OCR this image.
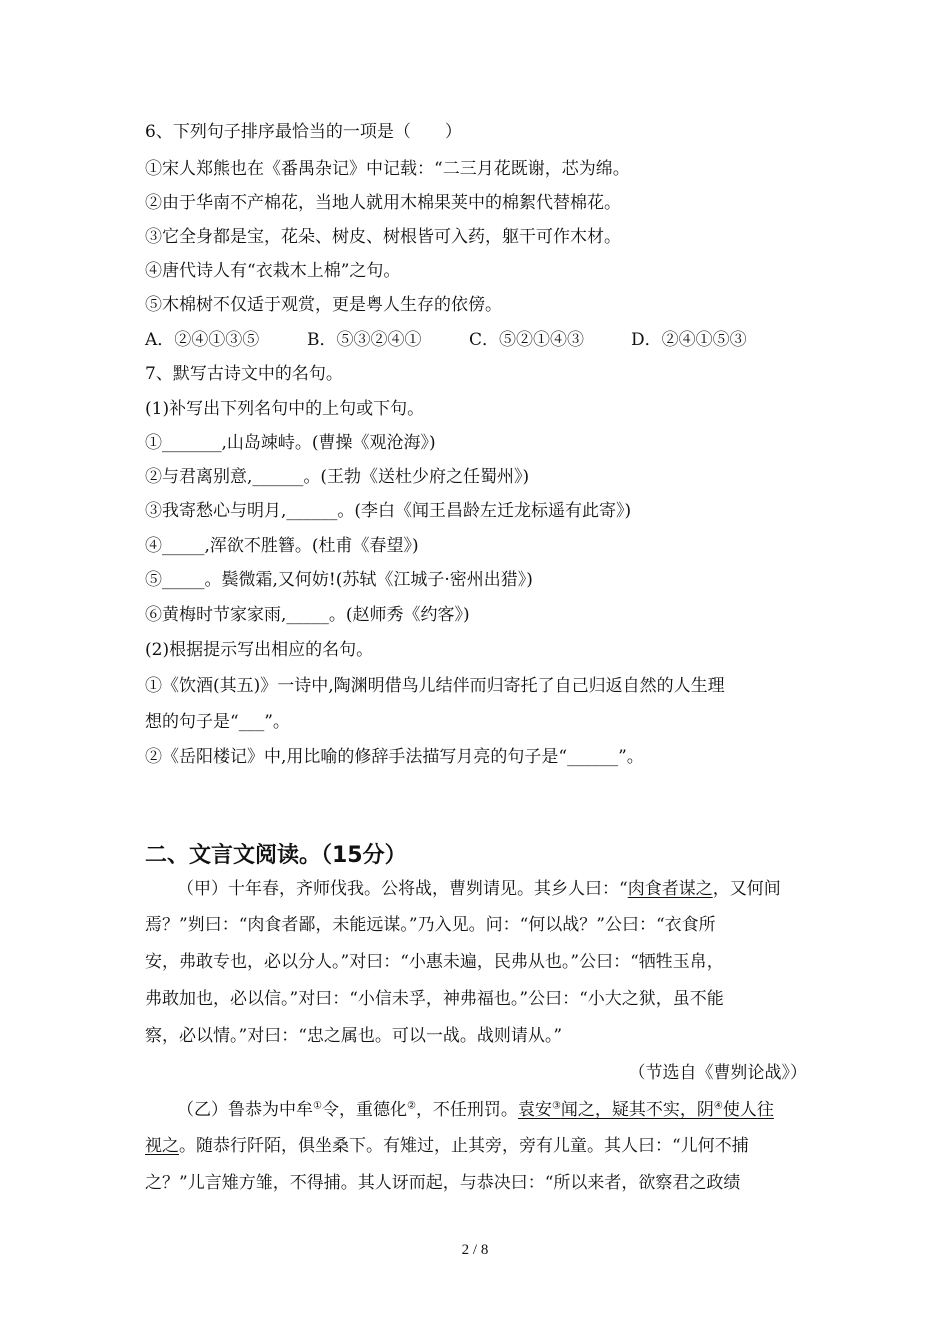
6、下列句子排序最恰当的一项是（　　）
①宋人郑熊也在《番禺杂记》中记载：“二三月花既谢，芯为绵。
②由于华南不产棉花，当地人就用木棉果荚中的棉絮代替棉花。
③它全身都是宝，花朵、树皮、树根皆可入药，躯干可作木材。
④唐代诗人有“衣栽木上棉”之句。
⑤木棉树不仅适于观赏，更是粤人生存的依傍。
A．②④①③⑤	B．⑤③②④①	C．⑤②①④③	D．②④①⑤③
7、默写古诗文中的名句。
(1)补写出下列名句中的上句或下句。
①_______,山岛竦峙。(曹操《观沧海》)
②与君离别意,______。(王勃《送杜少府之任蜀州》)
③我寄愁心与明月,______。(李白《闻王昌龄左迁龙标遥有此寄》)
④_____,浑欲不胜簪。(杜甫《春望》)
⑤_____。鬓微霜,又何妨!(苏轼《江城子·密州出猎》)
⑥黄梅时节家家雨,_____。(赵师秀《约客》)
(2)根据提示写出相应的名句。
①《饮酒(其五)》一诗中,陶渊明借鸟儿结伴而归寄托了自己归返自然的人生理
想的句子是“___”。
②《岳阳楼记》中,用比喻的修辞手法描写月亮的句子是“______”。
二、文言文阅读。（15分）
（甲）十年春，齐师伐我。公将战，曹刿请见。其乡人曰：“肉食者谋之，又何间
焉？”刿曰：“肉食者鄙，未能远谋。”乃入见。问：“何以战？”公曰：“衣食所
安，弗敢专也，必以分人。”对曰：“小惠未遍，民弗从也。”公曰：“牺牲玉帛，
弗敢加也，必以信。”对曰：“小信未孚，神弗福也。”公曰：“小大之狱，虽不能
察，必以情。”对曰：“忠之属也。可以一战。战则请从。”
（节选自《曹刿论战》）
（乙）鲁恭为中牟①令，重德化②，不任刑罚。袁安③闻之，疑其不实，阴④使人往
视之。随恭行阡陌，俱坐桑下。有雉过，止其旁，旁有儿童。其人曰：“儿何不捕
之？”儿言雉方雏，不得捕。其人讶而起，与恭决曰：“所以来者，欲察君之政绩
2 / 8
